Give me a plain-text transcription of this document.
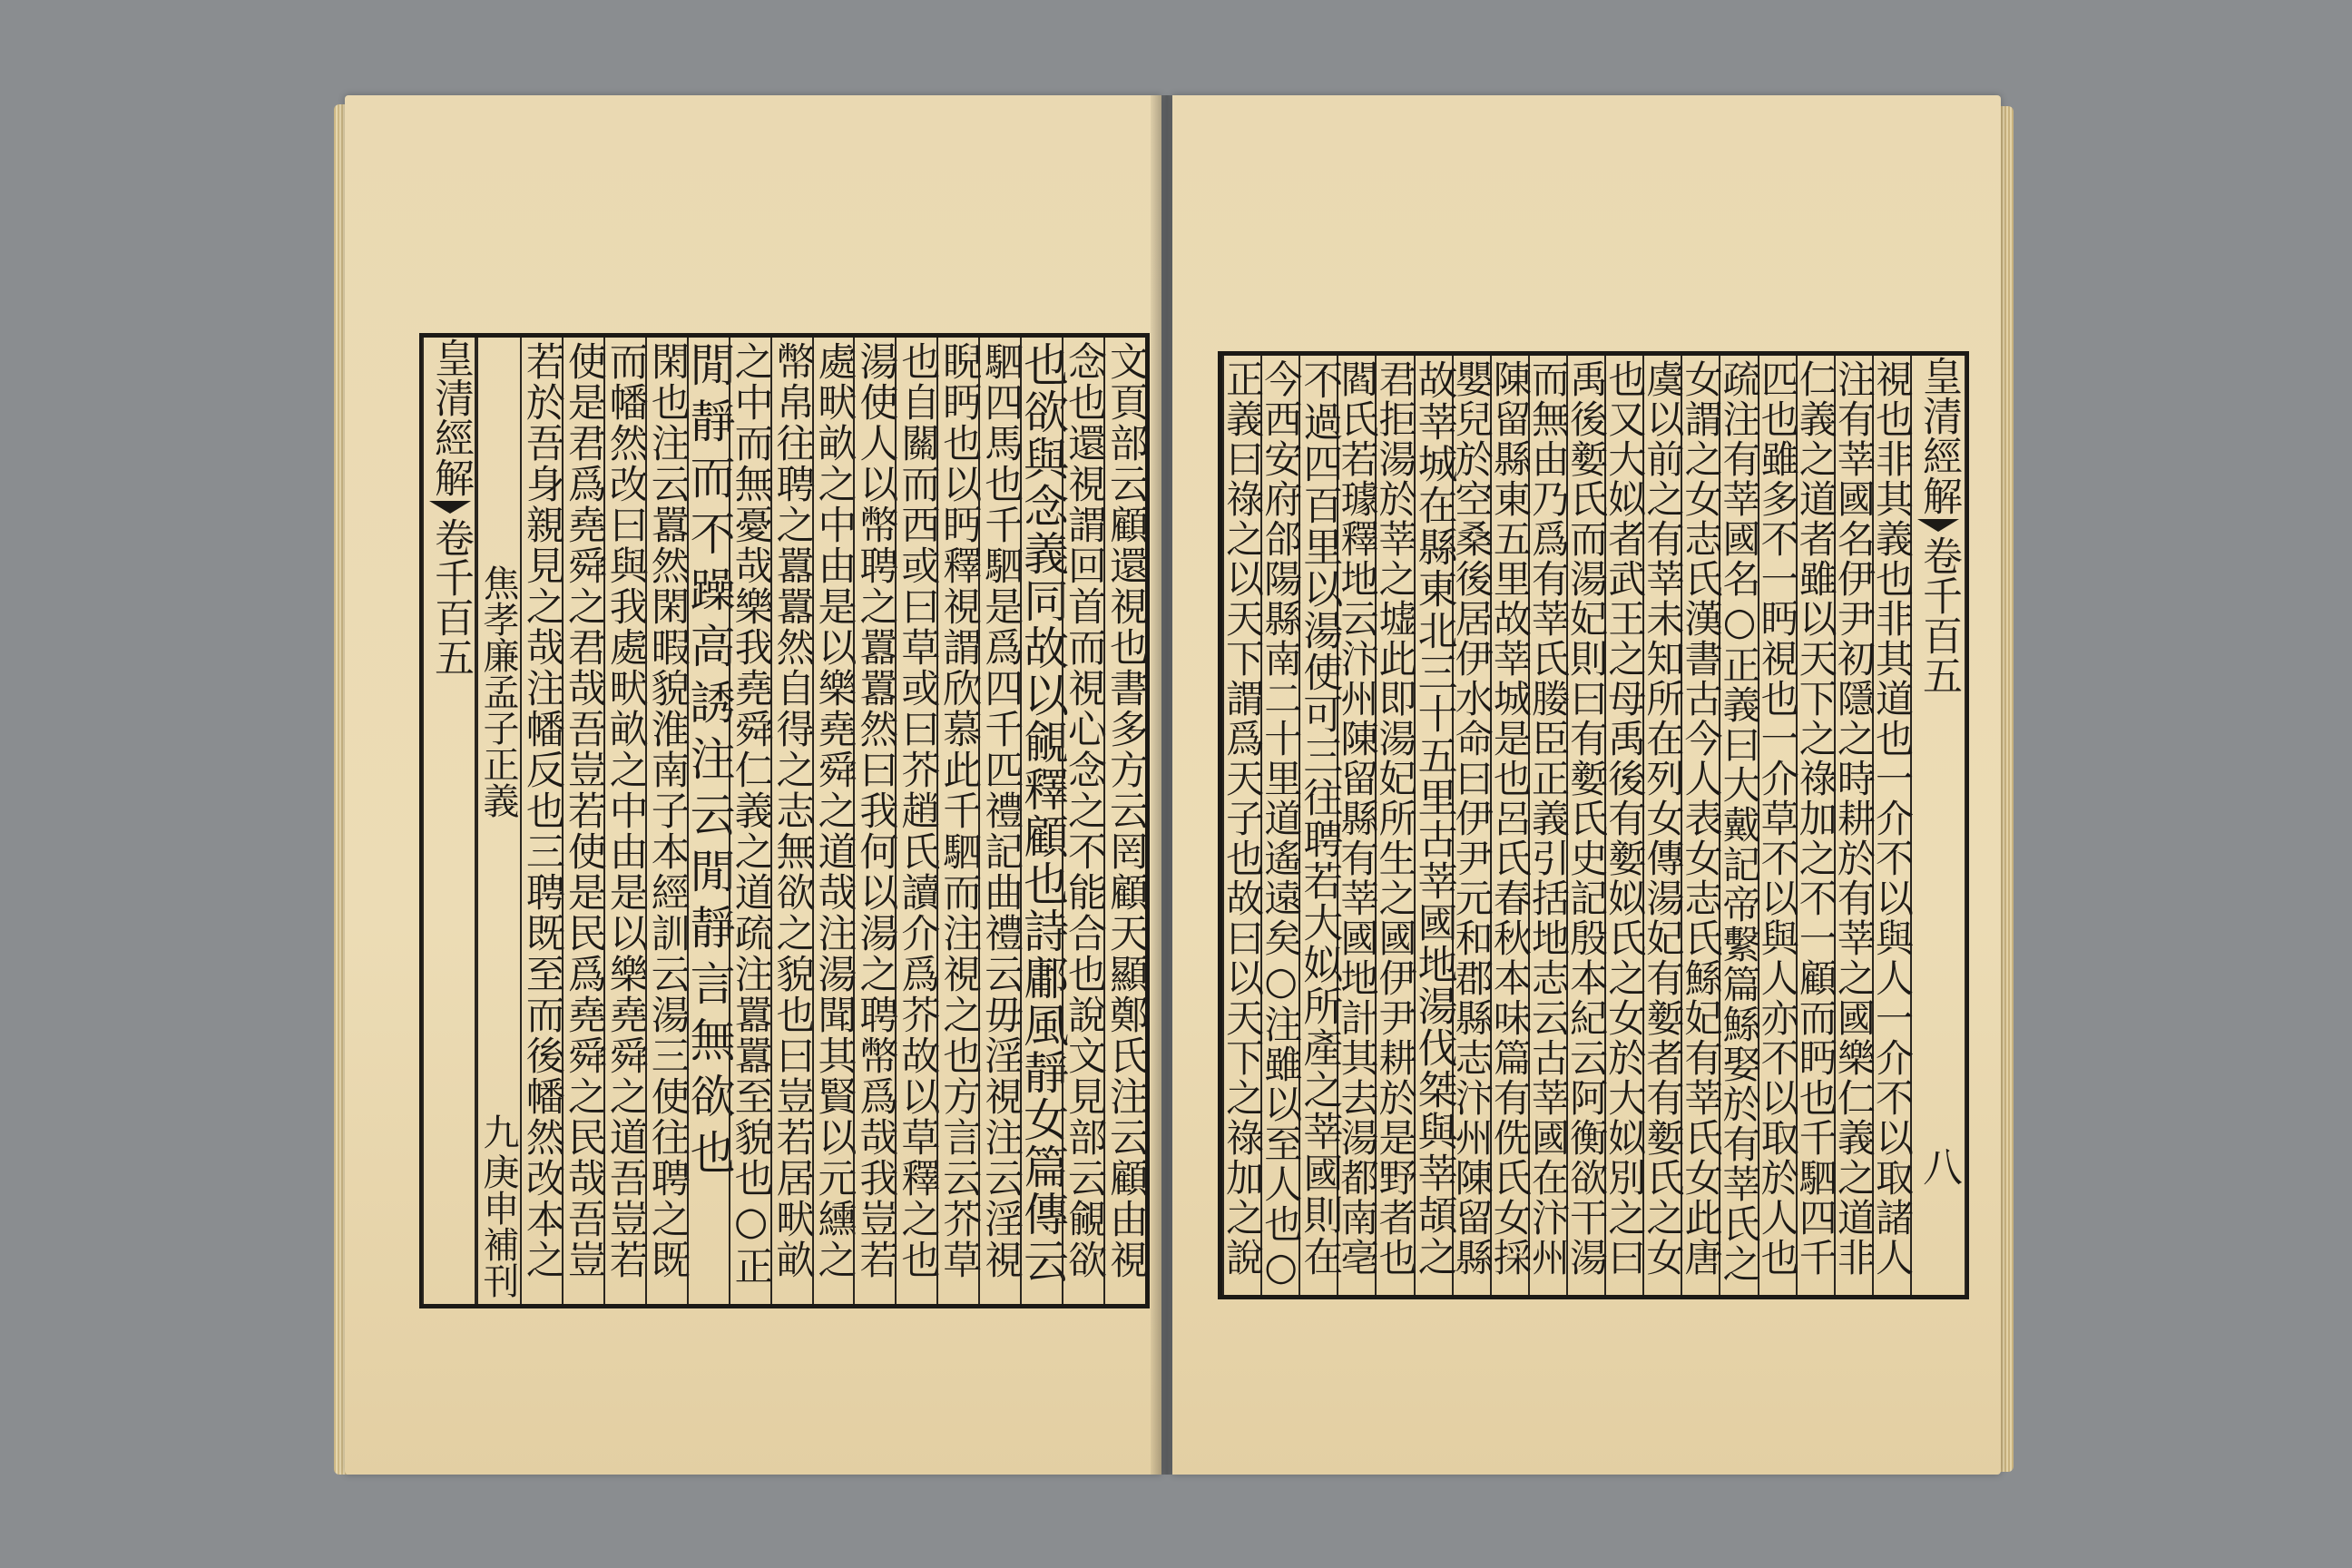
皇清經解
卷千百五 焦孝廉孟子正義
九
庚申補刊 若於吾身親見之哉注幡反也三聘既至而後幡然改本之
使是君爲堯舜之君哉吾豈若使是民爲堯舜之民哉吾豈
而幡然改曰與我處畎畝之中由是以樂堯舜之道吾豈若
閑也注云囂然閑暇貌淮南子本經訓云湯三使往聘之既
閒靜而不躁高誘注云閒靜言無欲也
之中而無憂哉樂我堯舜仁義之道疏注囂囂至貌也○正
幣帛往聘之囂囂然自得之志無欲之貌也曰豈若居畎畝
處畎畝之中由是以樂堯舜之道哉注湯聞其賢以元纁之
湯使人以幣聘之囂囂然曰我何以湯之聘幣爲哉我豈若
也自關而西或曰草或曰芥趙氏讀介爲芥故以草釋之也
睨眄也以眄釋視謂欣慕此千駟而注視之也方言云芥草
駟四馬也千駟是爲四千匹禮記曲禮云毋淫視注云淫視
也欲與念義同故以覦釋顧也詩鄘風靜女篇傳云
念也還視謂回首而視心念之不能合也說文見部云覦欲
文頁部云顧還視也書多方云罔顧天顯鄭氏注云顧由視	皇清經解
卷千百五
八
視也非其義也非其道也一介不以與人一介不以取諸人
注有莘國名伊尹初隱之時耕於有莘之國樂仁義之道非
仁義之道者雖以天下之祿加之不一顧而眄也千駟四千
匹也雖多不一眄視也一介草不以與人亦不以取於人也
疏注有莘國名○正義曰大戴記帝繫篇鯀娶於有莘氏之
女謂之女志氏漢書古今人表女志氏鯀妃有莘氏女此唐
虞以前之有莘未知所在列女傳湯妃有㜪者有㜪氏之女
也又大姒者武王之母禹後有㜪姒氏之女於大姒別之曰
禹後㜪氏而湯妃則曰有㜪氏史記殷本紀云阿衡欲干湯
而無由乃爲有莘氏媵臣正義引括地志云古莘國在汴州
陳留縣東五里故莘城是也呂氏春秋本味篇有侁氏女採
嬰兒於空桑後居伊水命曰伊尹元和郡縣志汴州陳留縣
故莘城在縣東北三十五里古莘國地湯伐桀與莘頡之
君拒湯於莘之墟此即湯妃所生之國伊尹耕於是野者也
閻氏若璩釋地云汴州陳留縣有莘國地計其去湯都南亳
不過四百里以湯使可三往聘若大姒所產之莘國則在
今西安府郃陽縣南二十里道遙遠矣○注雖以至人也○
正義曰祿之以天下謂爲天子也故曰以天下之祿加之說
